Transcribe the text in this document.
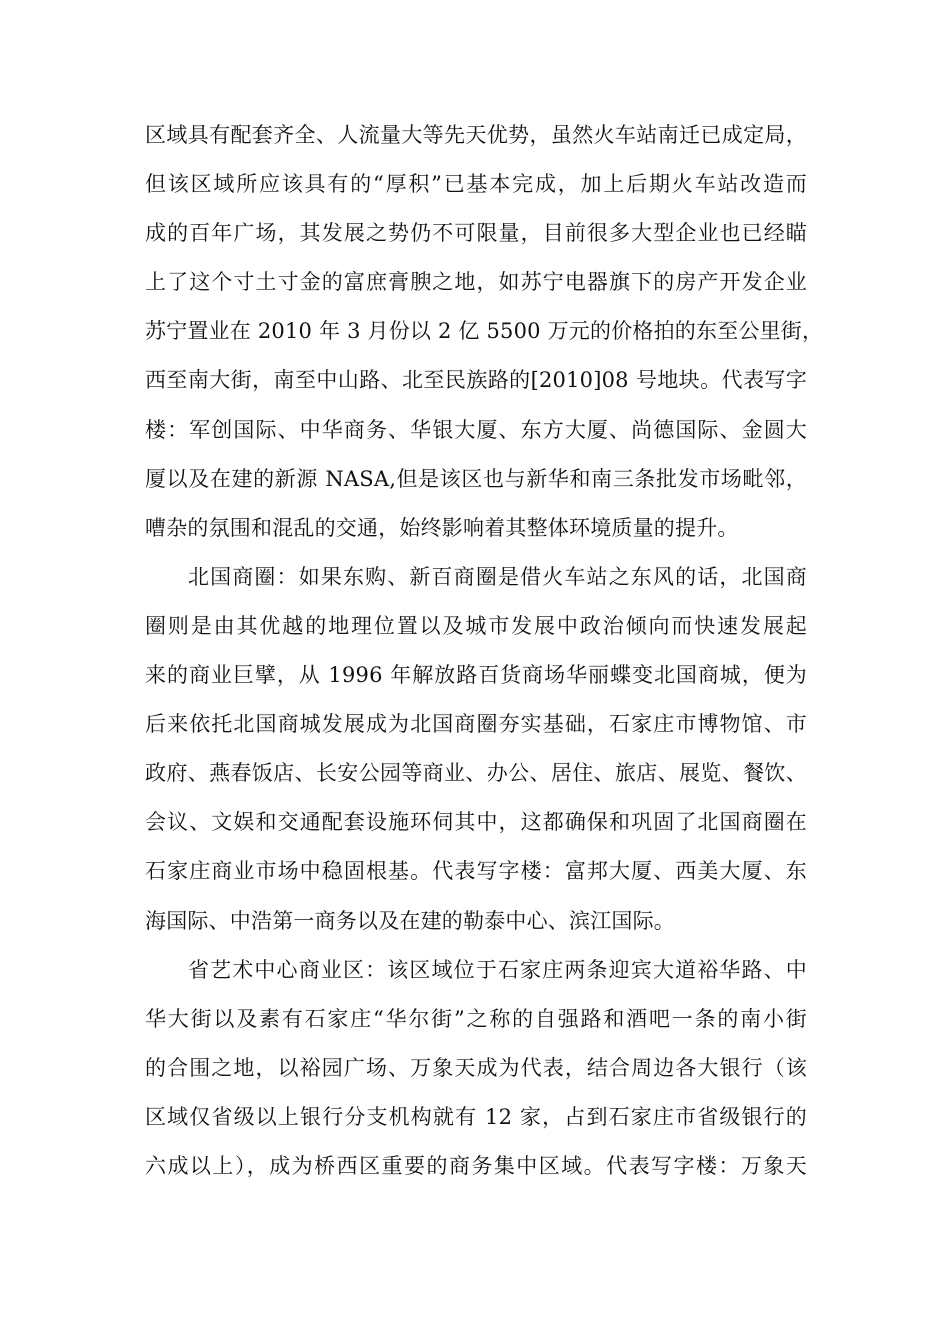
区域具有配套齐全、人流量大等先天优势，虽然火车站南迁已成定局，
但该区域所应该具有的“厚积”已基本完成，加上后期火车站改造而
成的百年广场，其发展之势仍不可限量，目前很多大型企业也已经瞄
上了这个寸土寸金的富庶膏腴之地，如苏宁电器旗下的房产开发企业
苏宁置业在 2010 年 3 月份以 2 亿 5500 万元的价格拍的东至公里街，
西至南大街，南至中山路、北至民族路的[2010]08 号地块。代表写字
楼：军创国际、中华商务、华银大厦、东方大厦、尚德国际、金圆大
厦以及在建的新源 NASA,但是该区也与新华和南三条批发市场毗邻，
嘈杂的氛围和混乱的交通，始终影响着其整体环境质量的提升。
北国商圈：如果东购、新百商圈是借火车站之东风的话，北国商
圈则是由其优越的地理位置以及城市发展中政治倾向而快速发展起
来的商业巨擘，从 1996 年解放路百货商场华丽蝶变北国商城，便为
后来依托北国商城发展成为北国商圈夯实基础，石家庄市博物馆、市
政府、燕春饭店、长安公园等商业、办公、居住、旅店、展览、餐饮、
会议、文娱和交通配套设施环伺其中，这都确保和巩固了北国商圈在
石家庄商业市场中稳固根基。代表写字楼：富邦大厦、西美大厦、东
海国际、中浩第一商务以及在建的勒泰中心、滨江国际。
省艺术中心商业区：该区域位于石家庄两条迎宾大道裕华路、中
华大街以及素有石家庄“华尔街”之称的自强路和酒吧一条的南小街
的合围之地，以裕园广场、万象天成为代表，结合周边各大银行（该
区域仅省级以上银行分支机构就有 12 家，占到石家庄市省级银行的
六成以上），成为桥西区重要的商务集中区域。代表写字楼：万象天
